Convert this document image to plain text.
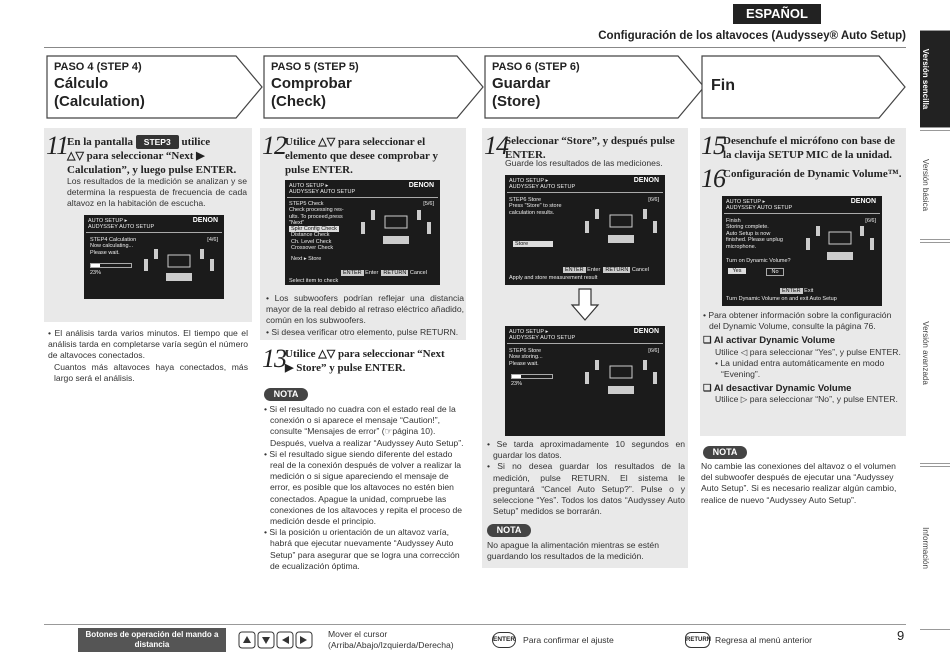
ESPAÑOL
Configuración de los altavoces (Audyssey® Auto Setup)
PASO 4 (STEP 4)
Cálculo
(Calculation)
PASO 5 (STEP 5)
Comprobar
(Check)
PASO 6 (STEP 6)
Guardar
(Store)
Fin
11
En la pantalla STEP3 utilice
△▽ para seleccionar “Next ▶
Calculation”, y luego pulse ENTER.
Los resultados de la medición se analizan y se determina la respuesta de frecuencia de cada altavoz en la habitación de escucha.
AUTO SETUP ▸
AUDYSSEY AUTO SETUP
DENON
STEP4 Calculation
Now calculating...
Please wait.
[4/6]
23%
• El análisis tarda varios minutos. El tiempo que el análisis tarda en completarse varía según el número de altavoces conectados.
Cuantos más altavoces haya conectados, más largo será el análisis.
12 Utilice △▽ para seleccionar el elemento que desee comprobar y pulse ENTER.
AUTO SETUP ▸
AUDYSSEY AUTO SETUP
DENON
STEP5 Check
Check processing res-
ults. To proceed,press
"Next"
[5/6]
Spkr Config Check
Distance Check
Ch. Level Check
Crossover Check
Next ▸ Store
ENTER Enter RETURN Cancel
Select item to check
• Los subwoofers podrían reflejar una distancia mayor de la real debido al retraso eléctrico añadido, común en los subwoofers.
• Si desea verificar otro elemento, pulse RETURN.
13 Utilice △▽ para seleccionar “Next
▶ Store” y pulse ENTER.
NOTA
• Si el resultado no cuadra con el estado real de la conexión o si aparece el mensaje “Caution!”, consulte “Mensajes de error” (☞página 10). Después, vuelva a realizar “Audyssey Auto Setup”.
• Si el resultado sigue siendo diferente del estado real de la conexión después de volver a realizar la medición o si sigue apareciendo el mensaje de error, es posible que los altavoces no estén bien conectados. Apague la unidad, compruebe las conexiones de los altavoces y repita el proceso de medición desde el principio.
• Si la posición u orientación de un altavoz varía, habrá que ejecutar nuevamente “Audyssey Auto Setup” para asegurar que se logra una corrección de ecualización óptima.
14
Seleccionar “Store”, y después pulse ENTER.
Guarde los resultados de las mediciones.
AUTO SETUP ▸
AUDYSSEY AUTO SETUP
DENON
STEP6 Store
Press "Store" to store
calculation results.
[6/6]
Store
ENTER Enter RETURN Cancel
Apply and store measurement result
AUTO SETUP ▸
AUDYSSEY AUTO SETUP
DENON
STEP6 Store
Now storing...
Please wait.
[6/6]
23%
• Se tarda aproximadamente 10 segundos en guardar los datos.
• Si no desea guardar los resultados de la medición, pulse RETURN. El sistema le preguntará “Cancel Auto Setup?”. Pulse o y seleccione “Yes”. Todos los datos “Audyssey Auto Setup” medidos se borrarán.
NOTA
No apague la alimentación mientras se estén guardando los resultados de la medición.
15
Desenchufe el micrófono con base de la clavija SETUP MIC de la unidad.
16
Configuración de Dynamic Volume™.
AUTO SETUP ▸
AUDYSSEY AUTO SETUP
DENON
Finish
Storing complete.
Auto Setup is now
finished. Please unplug
microphone.
[6/6]
Turn on Dynamic Volume?
Yes	No
ENTER Exit
Turn Dynamic Volume on and exit Auto Setup
• Para obtener información sobre la configuración del Dynamic Volume, consulte la página 76.
❑ Al activar Dynamic Volume
Utilice ◁ para seleccionar “Yes”, y pulse ENTER.
• La unidad entra automáticamente en modo “Evening”.
❑ Al desactivar Dynamic Volume
Utilice ▷ para seleccionar “No”, y pulse ENTER.
NOTA
No cambie las conexiones del altavoz o el volumen del subwoofer después de ejecutar una “Audyssey Auto Setup”. Si es necesario realizar algún cambio, realice de nuevo “Audyssey Auto Setup”.
Versión sencilla
Versión básica
Versión avanzada
Información
Botones de operación del mando a distancia
Mover el cursor (Arriba/Abajo/Izquierda/Derecha)
ENTER Para confirmar el ajuste	RETURN Regresa al menú anterior	9
